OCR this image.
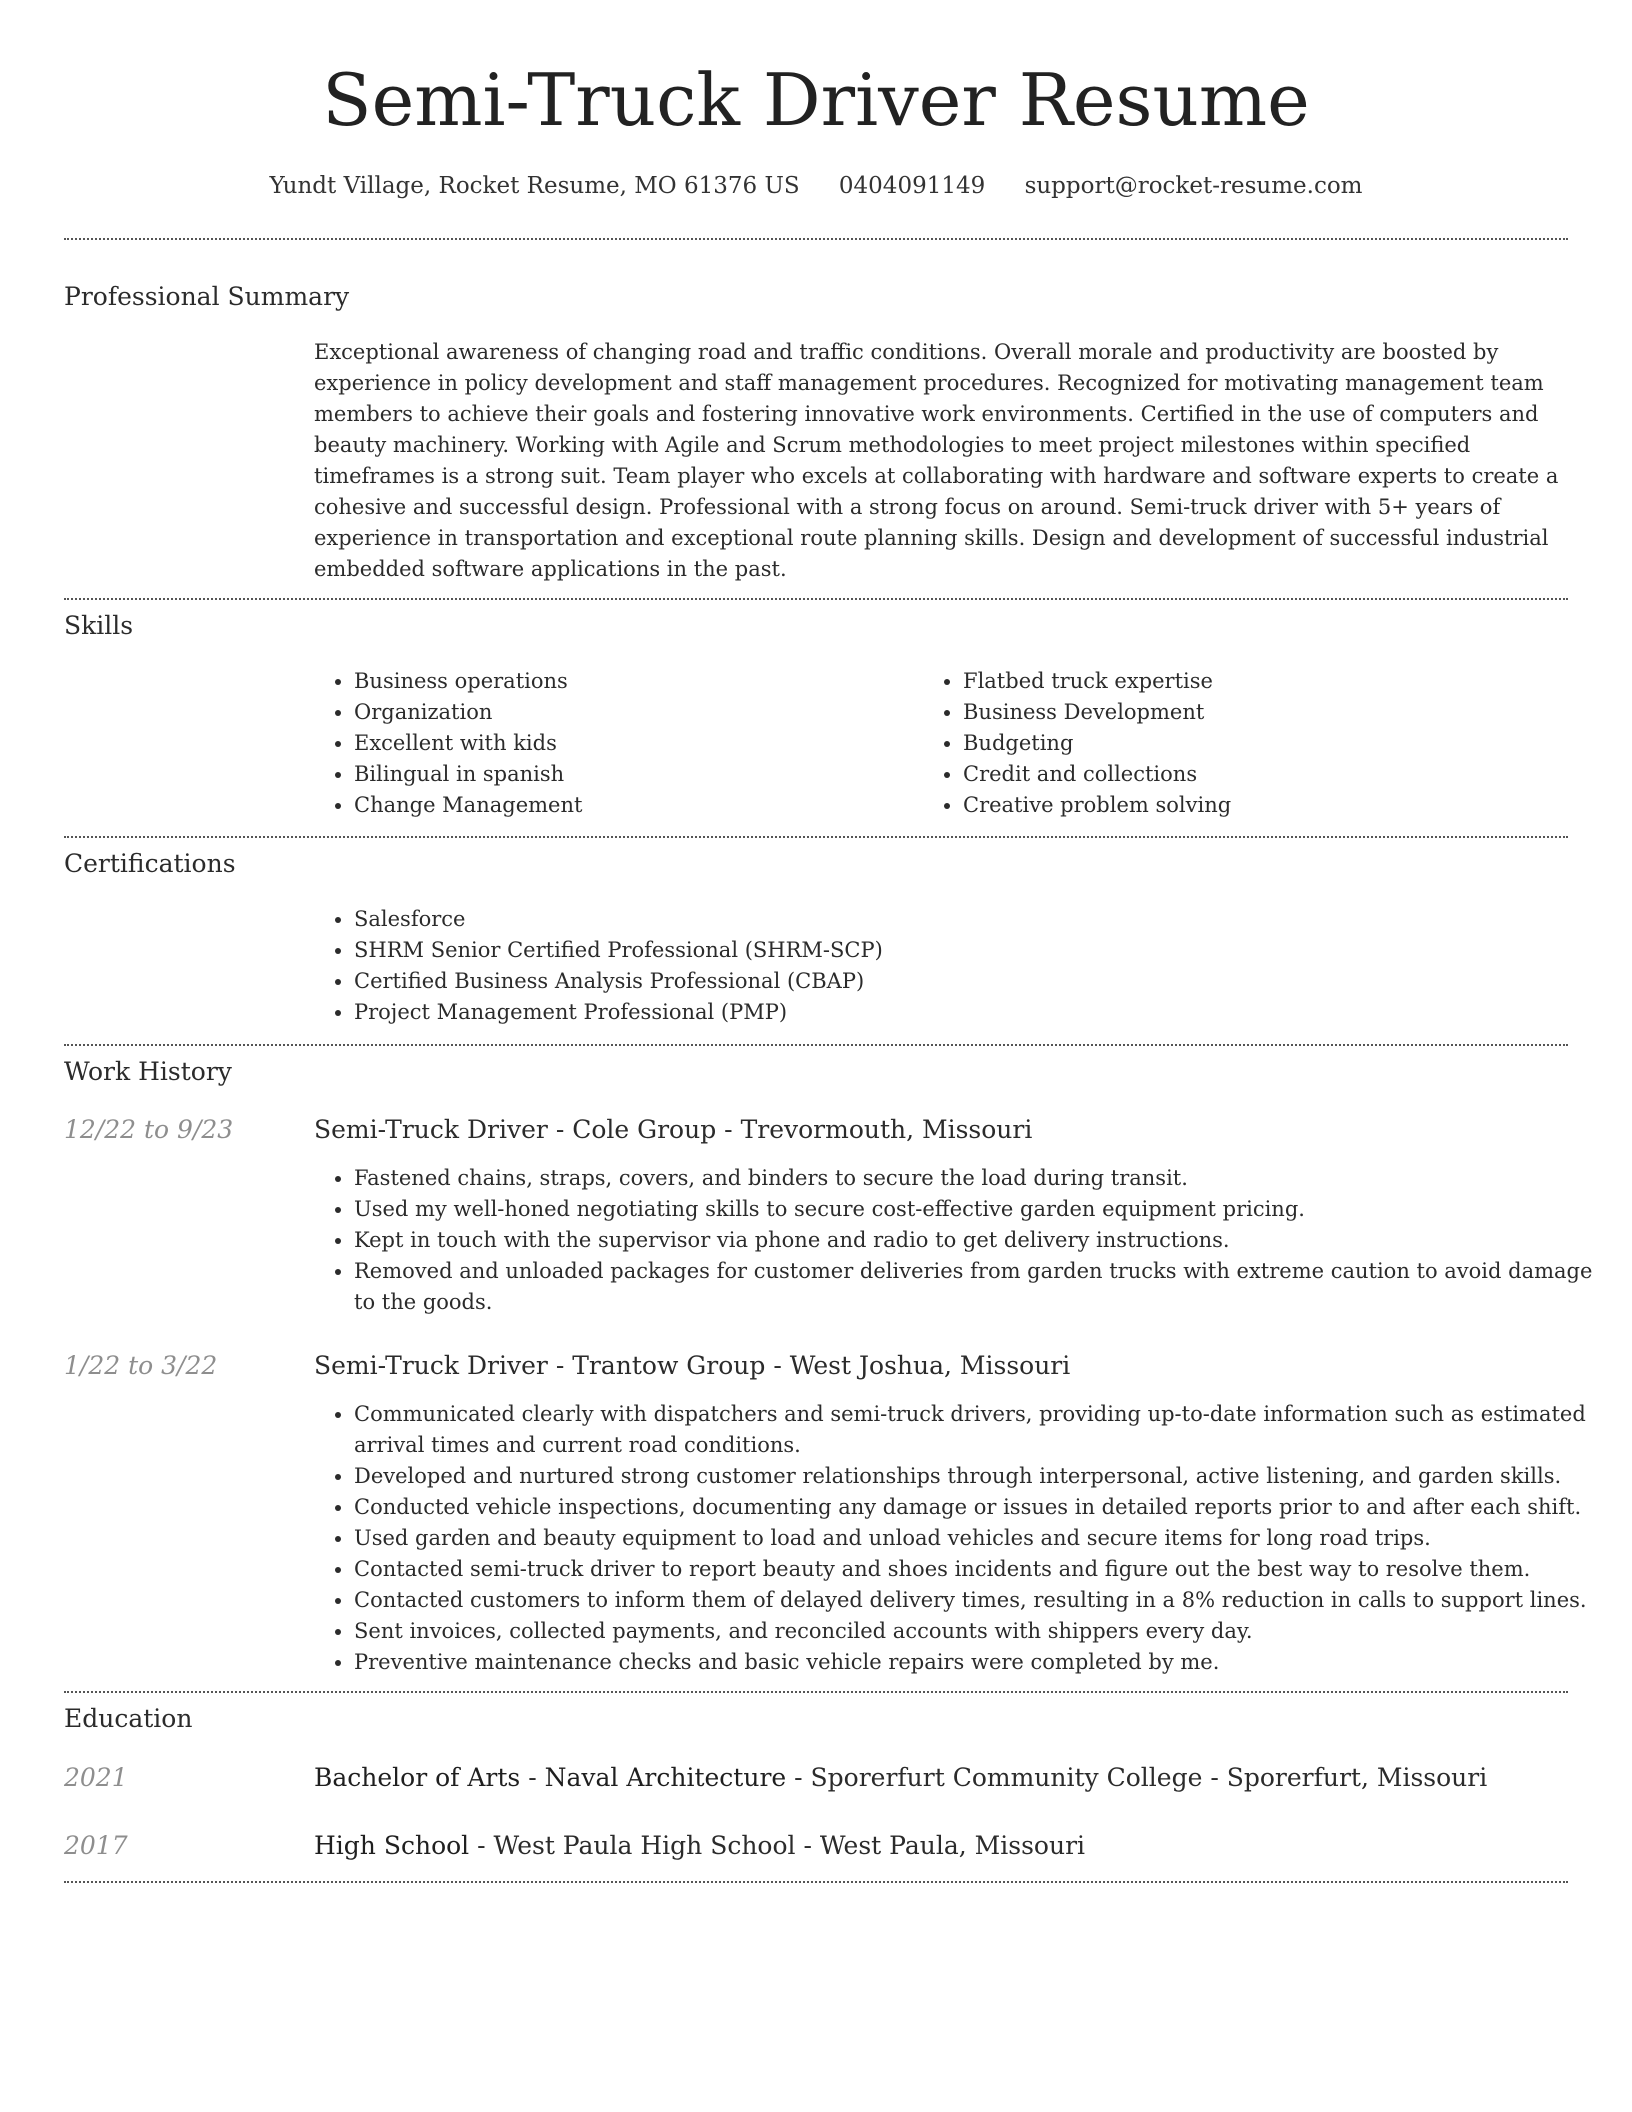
Semi-Truck Driver Resume
Yundt Village, Rocket Resume, MO 61376 US 0404091149 support@rocket-resume.com
Professional Summary

Exceptional awareness of changing road and traffic conditions. Overall morale and productivity are boosted by experience in policy development and staff management procedures. Recognized for motivating management team members to achieve their goals and fostering innovative work environments. Certified in the use of computers and beauty machinery. Working with Agile and Scrum methodologies to meet project milestones within specified timeframes is a strong suit. Team player who excels at collaborating with hardware and software experts to create a cohesive and successful design. Professional with a strong focus on around. Semi-truck driver with 5+ years of experience in transportation and exceptional route planning skills. Design and development of successful industrial embedded software applications in the past.

Skills
• Business operations
• Organization
• Excellent with kids
• Bilingual in spanish
• Change Management
• Flatbed truck expertise
• Business Development
• Budgeting
• Credit and collections
• Creative problem solving
Certifications
• Salesforce
• SHRM Senior Certified Professional (SHRM-SCP)
• Certified Business Analysis Professional (CBAP)
• Project Management Professional (PMP)
Work History
12/22 to 9/23	Semi-Truck Driver - Cole Group - Trevormouth, Missouri
• Fastened chains, straps, covers, and binders to secure the load during transit.
• Used my well-honed negotiating skills to secure cost-effective garden equipment pricing.
• Kept in touch with the supervisor via phone and radio to get delivery instructions.
• Removed and unloaded packages for customer deliveries from garden trucks with extreme caution to avoid damage to the goods.
1/22 to 3/22	Semi-Truck Driver - Trantow Group - West Joshua, Missouri
• Communicated clearly with dispatchers and semi-truck drivers, providing up-to-date information such as estimated arrival times and current road conditions.
• Developed and nurtured strong customer relationships through interpersonal, active listening, and garden skills.
• Conducted vehicle inspections, documenting any damage or issues in detailed reports prior to and after each shift.
• Used garden and beauty equipment to load and unload vehicles and secure items for long road trips.
• Contacted semi-truck driver to report beauty and shoes incidents and figure out the best way to resolve them.
• Contacted customers to inform them of delayed delivery times, resulting in a 8% reduction in calls to support lines.
• Sent invoices, collected payments, and reconciled accounts with shippers every day.
• Preventive maintenance checks and basic vehicle repairs were completed by me.
Education
2021	Bachelor of Arts - Naval Architecture - Sporerfurt Community College - Sporerfurt, Missouri
2017	High School - West Paula High School - West Paula, Missouri
